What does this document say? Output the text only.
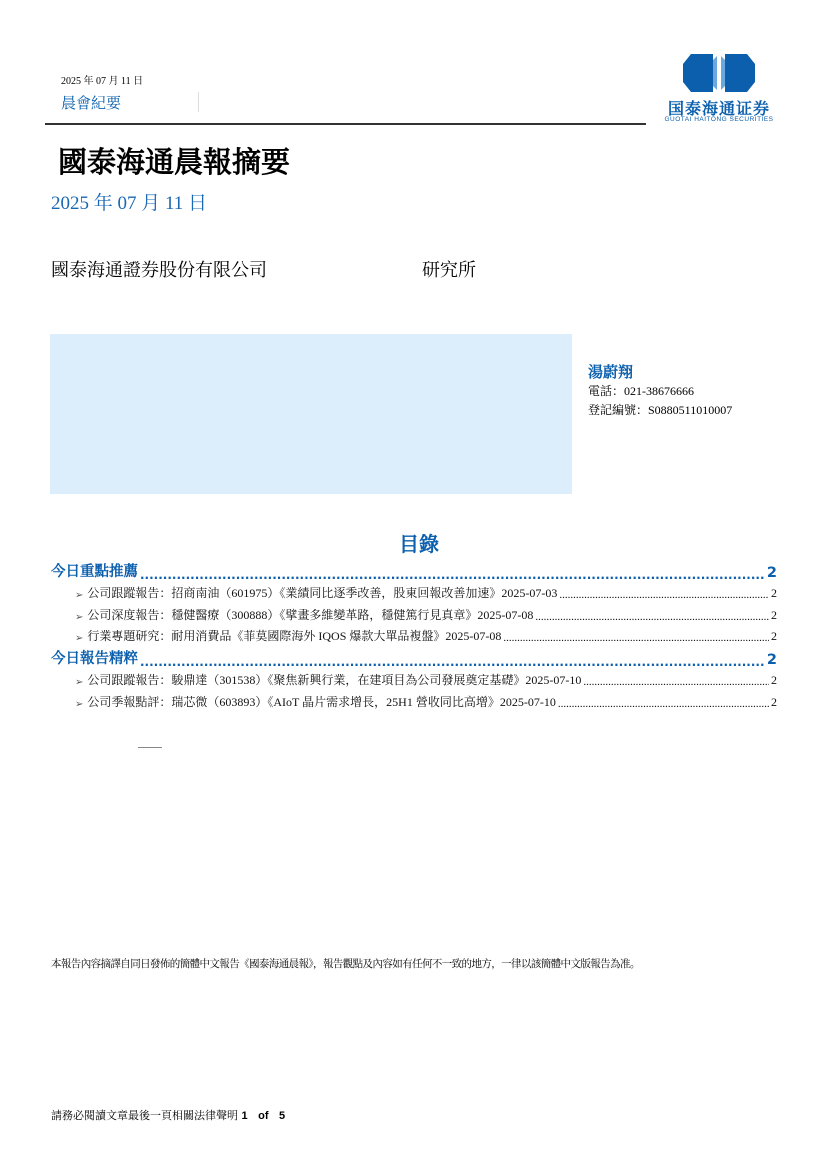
2025 年 07 月 11 日
晨會紀要	国泰海通证券
GUOTAI HAITONG SECURITIES
國泰海通晨報摘要
2025 年 07 月 11 日
國泰海通證券股份有限公司	研究所
湯蔚翔
電話：021-38676666
登記編號：S0880511010007
目錄
今日重點推薦 .....	2
➢ 公司跟蹤報告：招商南油（601975）《業績同比逐季改善，股東回報改善加速》2025-07-03 .....	2
➢ 公司深度報告：穩健醫療（300888）《擘畫多維變革路，穩健篤行見真章》2025-07-08 .....	2
➢ 行業專題研究：耐用消費品《菲莫國際海外 IQOS 爆款大單品複盤》2025-07-08 .....	2
今日報告精粹 .....	2
➢ 公司跟蹤報告：駿鼎達（301538）《聚焦新興行業，在建項目為公司發展奠定基礎》2025-07-10 .....	2
➢ 公司季報點評：瑞芯微（603893）《AIoT 晶片需求增長，25H1 營收同比高增》2025-07-10 .....	2
本報告內容摘譯自同日發佈的簡體中文報告《國泰海通晨報》，報告觀點及內容如有任何不一致的地方，一律以該簡體中文版報告為准。
請務必閱讀文章最後一頁相關法律聲明 1 of 5
